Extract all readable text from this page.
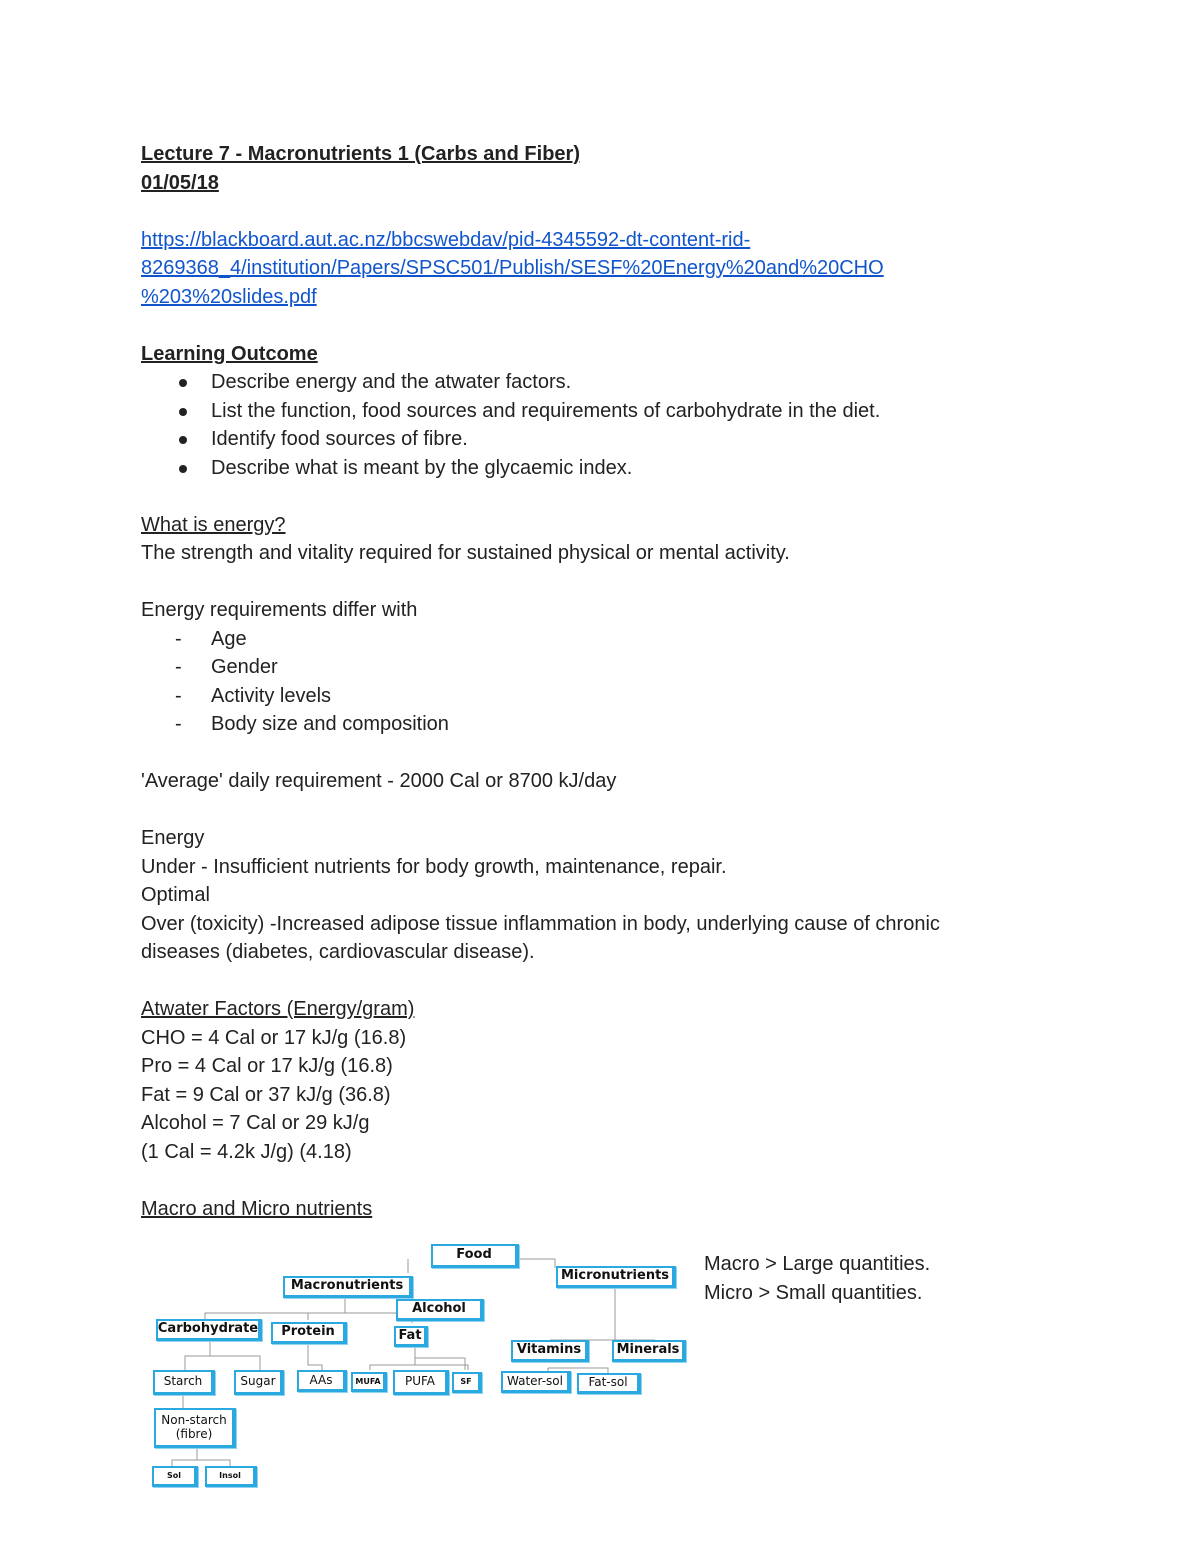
Lecture 7 - Macronutrients 1 (Carbs and Fiber)
01/05/18
https://blackboard.aut.ac.nz/bbcswebdav/pid-4345592-dt-content-rid-
8269368_4/institution/Papers/SPSC501/Publish/SESF%20Energy%20and%20CHO
%203%20slides.pdf
Learning Outcome
Describe energy and the atwater factors.
List the function, food sources and requirements of carbohydrate in the diet.
Identify food sources of fibre.
Describe what is meant by the glycaemic index.
What is energy?
The strength and vitality required for sustained physical or mental activity.
Energy requirements differ with
- Age
- Gender
- Activity levels
- Body size and composition
'Average' daily requirement - 2000 Cal or 8700 kJ/day
Energy
Under - Insufficient nutrients for body growth, maintenance, repair.
Optimal
Over (toxicity) -Increased adipose tissue inflammation in body, underlying cause of chronic
diseases (diabetes, cardiovascular disease).
Atwater Factors (Energy/gram)
CHO = 4 Cal or 17 kJ/g (16.8)
Pro = 4 Cal or 17 kJ/g (16.8)
Fat = 9 Cal or 37 kJ/g (36.8)
Alcohol = 7 Cal or 29 kJ/g
(1 Cal = 4.2k J/g) (4.18)
Macro and Micro nutrients
Food
Macronutrients
Micronutrients
Alcohol
Carbohydrate	Protein	Fat
Vitamins	Minerals
Starch	Sugar	AAs	MUFA	PUFA	SF	Water-sol	Fat-sol
Non-starch
(fibre)
Sol	Insol
Macro > Large quantities.
Micro > Small quantities.
